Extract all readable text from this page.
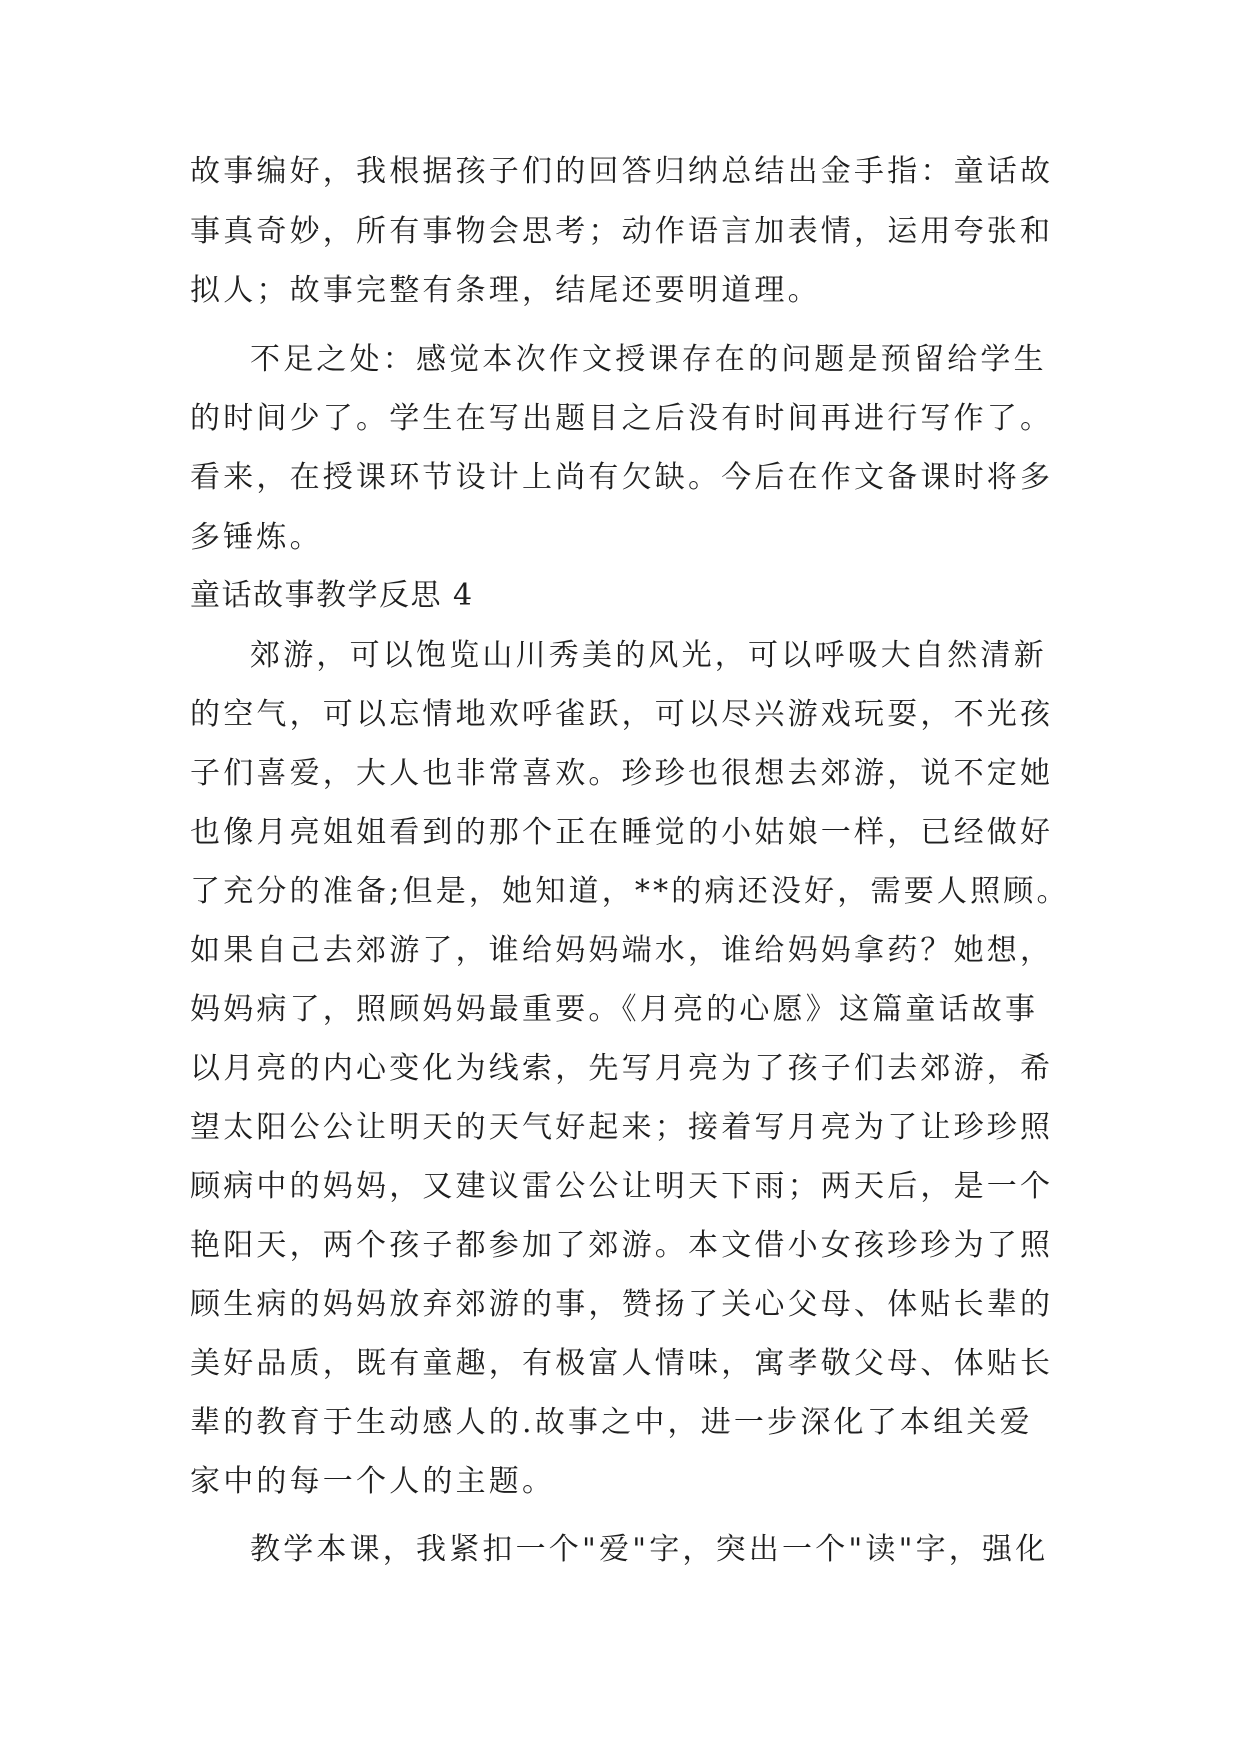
故事编好，我根据孩子们的回答归纳总结出金手指：童话故
事真奇妙，所有事物会思考；动作语言加表情，运用夸张和
拟人；故事完整有条理，结尾还要明道理。
不足之处：感觉本次作文授课存在的问题是预留给学生
的时间少了。学生在写出题目之后没有时间再进行写作了。
看来，在授课环节设计上尚有欠缺。今后在作文备课时将多
多锤炼。
童话故事教学反思 4
郊游，可以饱览山川秀美的风光，可以呼吸大自然清新
的空气，可以忘情地欢呼雀跃，可以尽兴游戏玩耍，不光孩
子们喜爱，大人也非常喜欢。珍珍也很想去郊游，说不定她
也像月亮姐姐看到的那个正在睡觉的小姑娘一样，已经做好
了充分的准备;但是，她知道，**的病还没好，需要人照顾。
如果自己去郊游了，谁给妈妈端水，谁给妈妈拿药？她想，
妈妈病了，照顾妈妈最重要。《月亮的心愿》这篇童话故事
以月亮的内心变化为线索，先写月亮为了孩子们去郊游，希
望太阳公公让明天的天气好起来；接着写月亮为了让珍珍照
顾病中的妈妈，又建议雷公公让明天下雨；两天后，是一个
艳阳天，两个孩子都参加了郊游。本文借小女孩珍珍为了照
顾生病的妈妈放弃郊游的事，赞扬了关心父母、体贴长辈的
美好品质，既有童趣，有极富人情味，寓孝敬父母、体贴长
辈的教育于生动感人的.故事之中，进一步深化了本组关爱
家中的每一个人的主题。
教学本课，我紧扣一个"爱"字，突出一个"读"字，强化
